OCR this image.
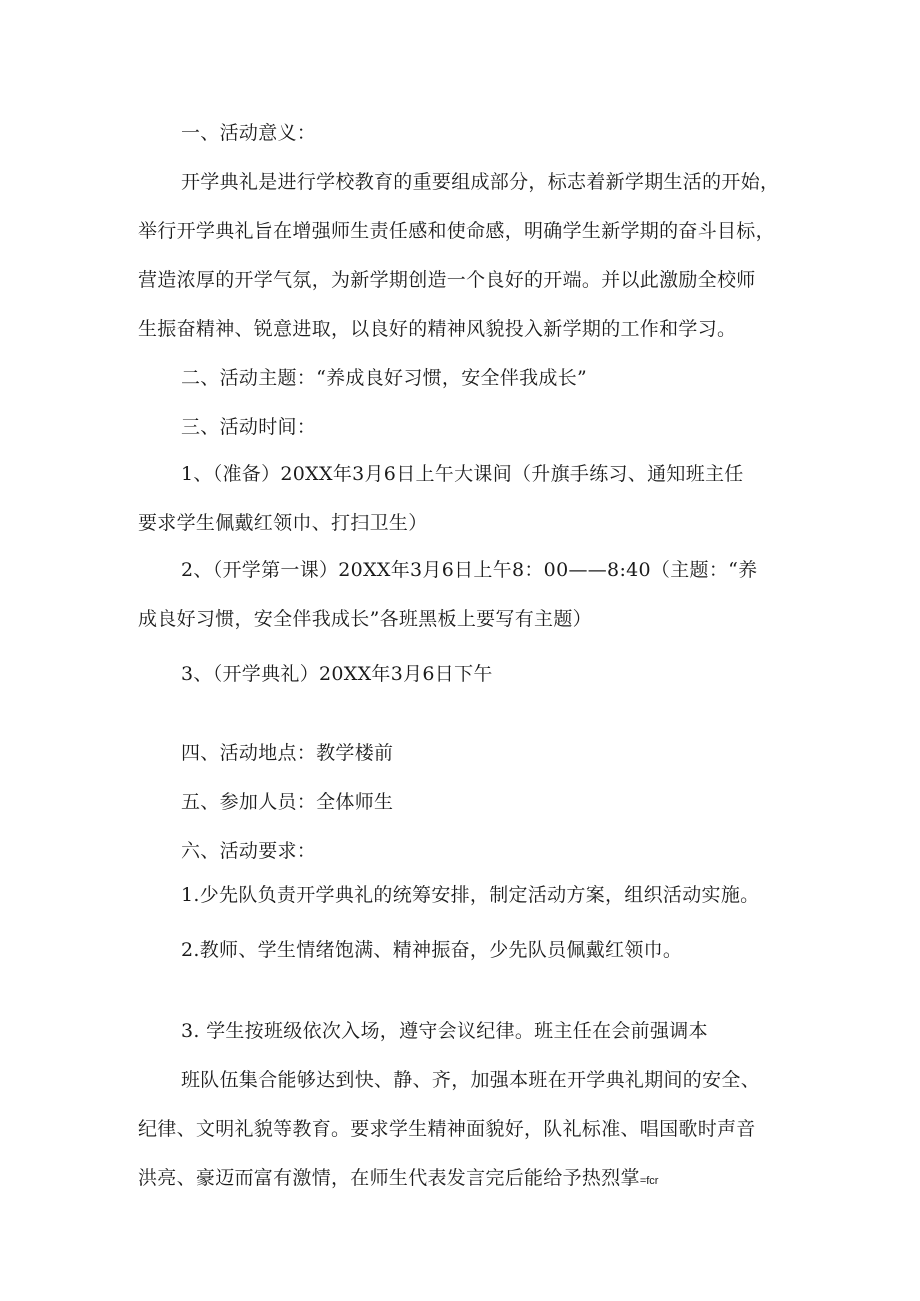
一、活动意义：
开学典礼是进行学校教育的重要组成部分，标志着新学期生活的开始，
举行开学典礼旨在增强师生责任感和使命感，明确学生新学期的奋斗目标，
营造浓厚的开学气氛，为新学期创造一个良好的开端。并以此激励全校师
生振奋精神、锐意进取，以良好的精神风貌投入新学期的工作和学习。
二、活动主题：“养成良好习惯，安全伴我成长”
三、活动时间：
1、（准备）20XX年3月6日上午大课间（升旗手练习、通知班主任
要求学生佩戴红领巾、打扫卫生）
2、（开学第一课）20XX年3月6日上午8：00——8:40（主题：“养
成良好习惯，安全伴我成长”各班黑板上要写有主题）
3、（开学典礼）20XX年3月6日下午
四、活动地点：教学楼前
五、参加人员：全体师生
六、活动要求：
1.少先队负责开学典礼的统筹安排，制定活动方案，组织活动实施。
2.教师、学生情绪饱满、精神振奋，少先队员佩戴红领巾。
3. 学生按班级依次入场，遵守会议纪律。班主任在会前强调本
班队伍集合能够达到快、静、齐，加强本班在开学典礼期间的安全、
纪律、文明礼貌等教育。要求学生精神面貌好，队礼标准、唱国歌时声音
洪亮、豪迈而富有激情，在师生代表发言完后能给予热烈掌=fcr
